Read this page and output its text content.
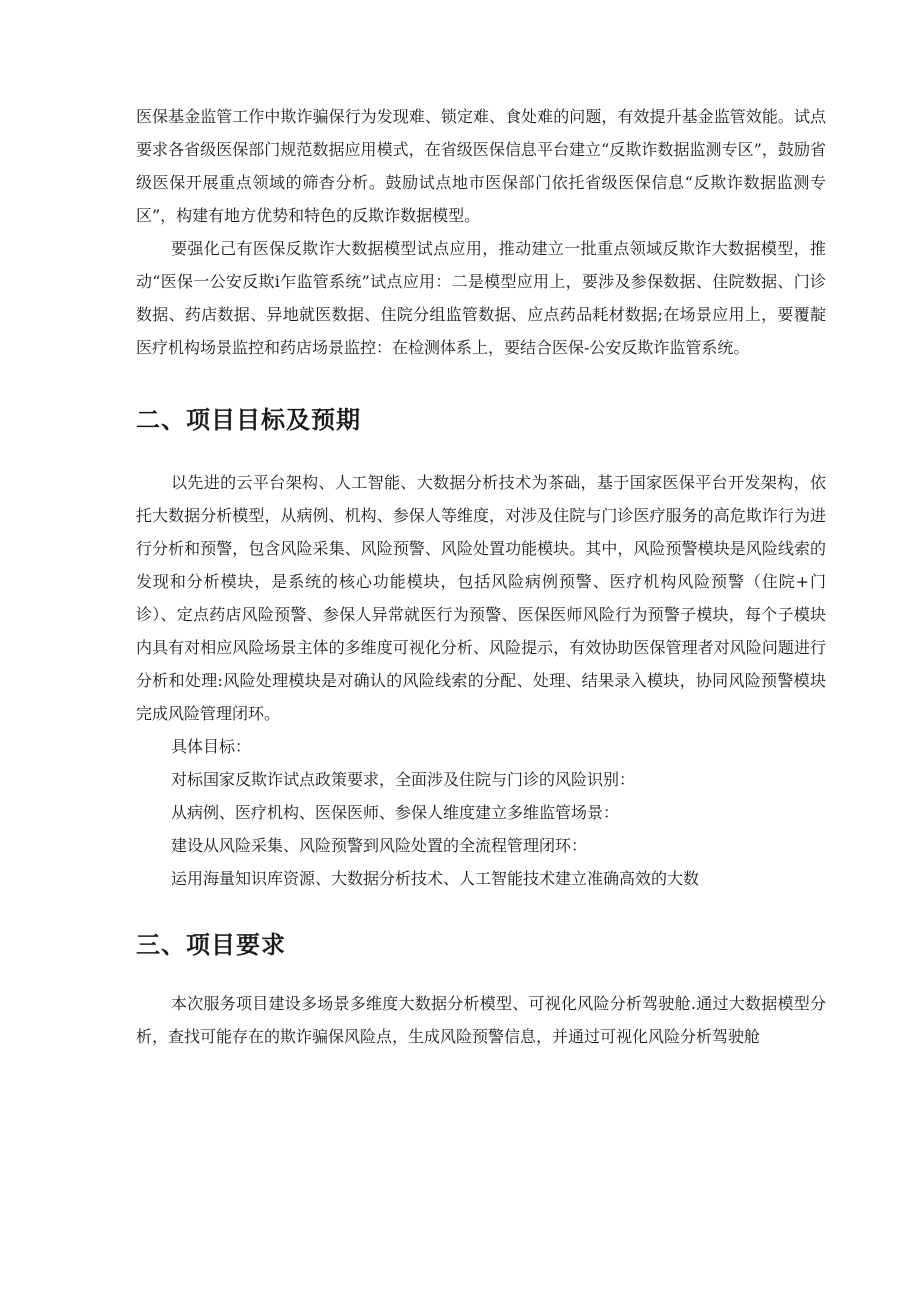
医保基金监管工作中欺诈骗保行为发现难、锁定难、食处难的问题，有效提升基金监管效能。试点要求各省级医保部门规范数据应用模式，在省级医保信息平台建立“反欺诈数据监测专区”，鼓励省级医保开展重点领域的筛杳分析。鼓励试点地市医保部门依托省级医保信息“反欺诈数据监测专区”，构建有地方优势和特色的反欺诈数据模型。

要强化己有医保反欺诈大数据模型试点应用，推动建立一批重点领域反欺诈大数据模型，推动“医保一公安反欺i乍监管系统”试点应用：二是模型应用上，要涉及参保数据、住院数据、门诊数据、药店数据、异地就医数据、住院分组监管数据、应点药品耗材数据;在场景应用上，要覆靛医疗机构场景监控和药店场景监控：在检测体系上，要结合医保-公安反欺诈监管系统。

二、项目目标及预期

以先进的云平台架构、人工智能、大数据分析技术为茶础，基于国家医保平台开发架构，依托大数据分析模型，从病例、机构、参保人等维度，对涉及住院与门诊医疗服务的高危欺诈行为进行分析和预警，包含风险采集、风险预警、风险处置功能模块。其中，风险预警模块是风险线索的发现和分析模块，是系统的核心功能模块，包括风险病例预警、医疗机构风险预警（住院+门诊）、定点药店风险预警、参保人异常就医行为预警、医保医师风险行为预警子模块，每个子模块内具有对相应风险场景主体的多维度可视化分析、风险提示，有效协助医保管理者对风险问题进行分析和处理:风险处理模块是对确认的风险线索的分配、处理、结果录入模块，协同风险预警模块完成风险管理闭环。

具体目标：

对标国家反欺诈试点政策要求，全面涉及住院与门诊的风险识别：

从病例、医疗机构、医保医师、参保人维度建立多维监管场景：

建设从风险采集、风险预警到风险处置的全流程管理闭环：

运用海量知识库资源、大数据分析技术、人工智能技术建立准确高效的大数

三、项目要求

本次服务项目建设多场景多维度大数据分析模型、可视化风险分析驾驶舱.通过大数据模型分析，查找可能存在的欺诈骗保风险点，生成风险预警信息，并通过可视化风险分析驾驶舱
